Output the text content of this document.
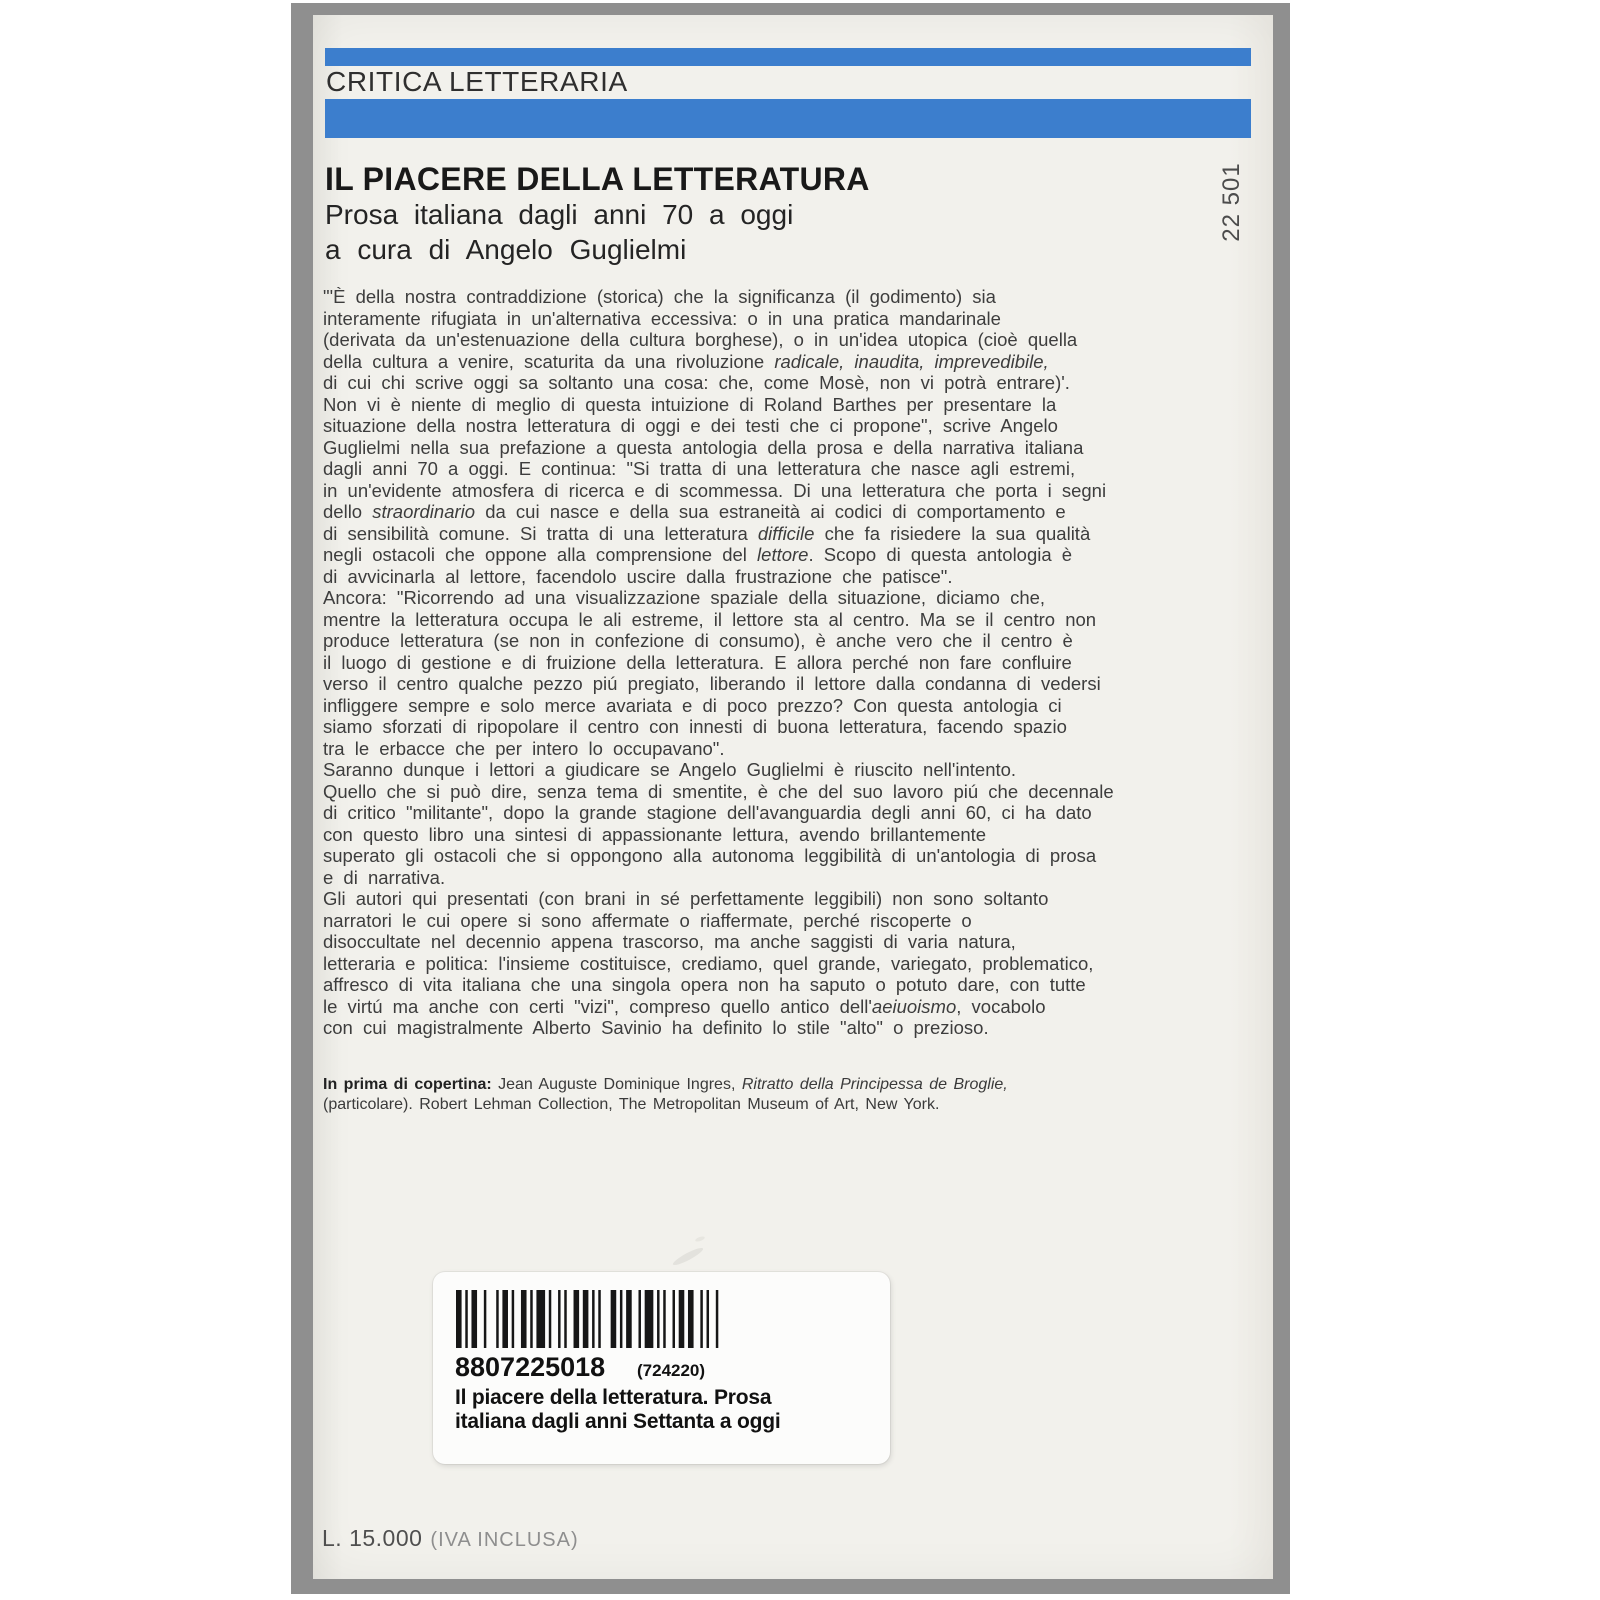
CRITICA LETTERARIA
22 501
IL PIACERE DELLA LETTERATURA
Prosa italiana dagli anni 70 a oggi
a cura di Angelo Guglielmi
"'È della nostra contraddizione (storica) che la significanza (il godimento) sia
interamente rifugiata in un'alternativa eccessiva: o in una pratica mandarinale
(derivata da un'estenuazione della cultura borghese), o in un'idea utopica (cioè quella
della cultura a venire, scaturita da una rivoluzione radicale, inaudita, imprevedibile,
di cui chi scrive oggi sa soltanto una cosa: che, come Mosè, non vi potrà entrare)'.
Non vi è niente di meglio di questa intuizione di Roland Barthes per presentare la
situazione della nostra letteratura di oggi e dei testi che ci propone", scrive Angelo
Guglielmi nella sua prefazione a questa antologia della prosa e della narrativa italiana
dagli anni 70 a oggi. E continua: "Si tratta di una letteratura che nasce agli estremi,
in un'evidente atmosfera di ricerca e di scommessa. Di una letteratura che porta i segni
dello straordinario da cui nasce e della sua estraneità ai codici di comportamento e
di sensibilità comune. Si tratta di una letteratura difficile che fa risiedere la sua qualità
negli ostacoli che oppone alla comprensione del lettore. Scopo di questa antologia è
di avvicinarla al lettore, facendolo uscire dalla frustrazione che patisce".
Ancora: "Ricorrendo ad una visualizzazione spaziale della situazione, diciamo che,
mentre la letteratura occupa le ali estreme, il lettore sta al centro. Ma se il centro non
produce letteratura (se non in confezione di consumo), è anche vero che il centro è
il luogo di gestione e di fruizione della letteratura. E allora perché non fare confluire
verso il centro qualche pezzo piú pregiato, liberando il lettore dalla condanna di vedersi
infliggere sempre e solo merce avariata e di poco prezzo? Con questa antologia ci
siamo sforzati di ripopolare il centro con innesti di buona letteratura, facendo spazio
tra le erbacce che per intero lo occupavano".
Saranno dunque i lettori a giudicare se Angelo Guglielmi è riuscito nell'intento.
Quello che si può dire, senza tema di smentite, è che del suo lavoro piú che decennale
di critico "militante", dopo la grande stagione dell'avanguardia degli anni 60, ci ha dato
con questo libro una sintesi di appassionante lettura, avendo brillantemente
superato gli ostacoli che si oppongono alla autonoma leggibilità di un'antologia di prosa
e di narrativa.
Gli autori qui presentati (con brani in sé perfettamente leggibili) non sono soltanto
narratori le cui opere si sono affermate o riaffermate, perché riscoperte o
disoccultate nel decennio appena trascorso, ma anche saggisti di varia natura,
letteraria e politica: l'insieme costituisce, crediamo, quel grande, variegato, problematico,
affresco di vita italiana che una singola opera non ha saputo o potuto dare, con tutte
le virtú ma anche con certi "vizi", compreso quello antico dell'aeiuoismo, vocabolo
con cui magistralmente Alberto Savinio ha definito lo stile "alto" o prezioso.
In prima di copertina: Jean Auguste Dominique Ingres, Ritratto della Principessa de Broglie,
(particolare). Robert Lehman Collection, The Metropolitan Museum of Art, New York.
8807225018 (724220)
Il piacere della letteratura. Prosa
italiana dagli anni Settanta a oggi
L. 15.000 (IVA INCLUSA)
